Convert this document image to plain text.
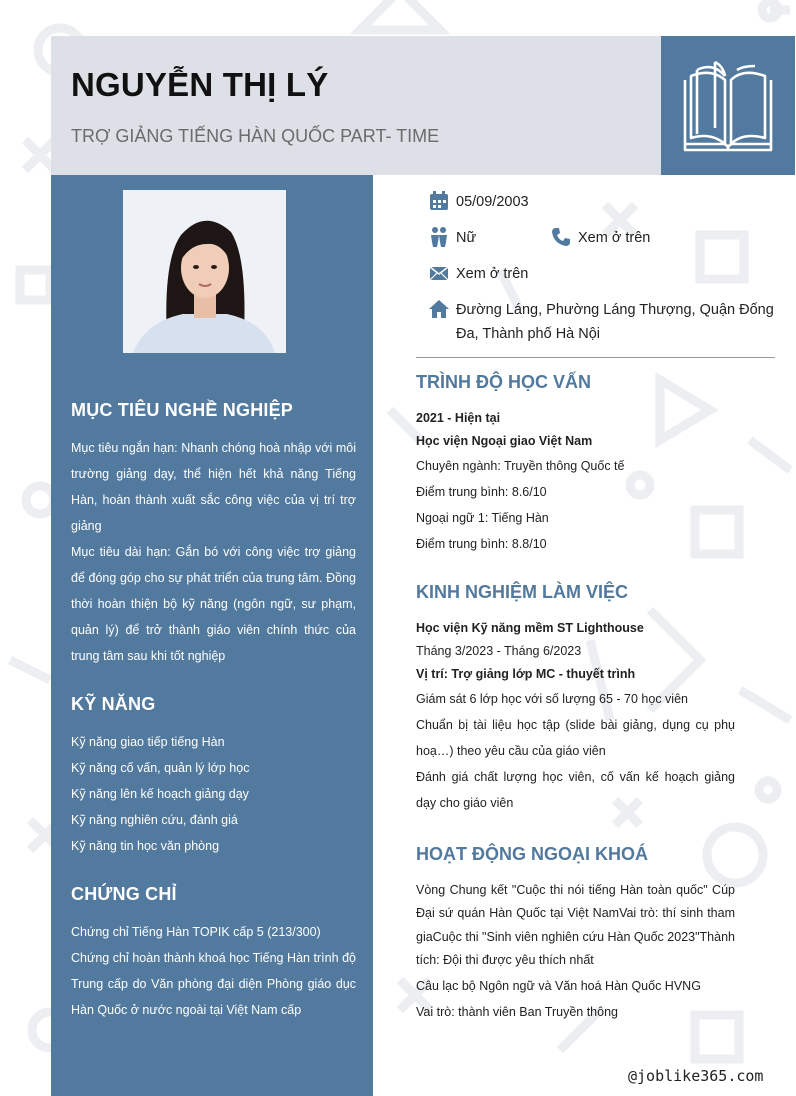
NGUYỄN THỊ LÝ
TRỢ GIẢNG TIẾNG HÀN QUỐC PART- TIME
MỤC TIÊU NGHỀ NGHIỆP

Mục tiêu ngắn hạn: Nhanh chóng hoà nhập với môi trường giảng dạy, thể hiện hết khả năng Tiếng Hàn, hoàn thành xuất sắc công việc của vị trí trợ giảng

Mục tiêu dài hạn: Gắn bó với công việc trợ giảng để đóng góp cho sự phát triển của trung tâm. Đồng thời hoàn thiện bộ kỹ năng (ngôn ngữ, sư phạm, quản lý) để trở thành giáo viên chính thức của trung tâm sau khi tốt nghiệp

KỸ NĂNG
Kỹ năng giao tiếp tiếng Hàn
Kỹ năng cố vấn, quản lý lớp học
Kỹ năng lên kế hoạch giảng dạy
Kỹ năng nghiên cứu, đánh giá
Kỹ năng tin học văn phòng
CHỨNG CHỈ

Chứng chỉ Tiếng Hàn TOPIK cấp 5 (213/300)

Chứng chỉ hoàn thành khoá học Tiếng Hàn trình độ Trung cấp do Văn phòng đại diện Phòng giáo dục Hàn Quốc ở nước ngoài tại Việt Nam cấp

05/09/2003
Nữ	Xem ở trên
Xem ở trên
Đường Láng, Phường Láng Thượng, Quận Đống Đa, Thành phố Hà Nội
TRÌNH ĐỘ HỌC VẤN
2021 - Hiện tại
Học viện Ngoại giao Việt Nam
Chuyên ngành: Truyền thông Quốc tế
Điểm trung bình: 8.6/10
Ngoại ngữ 1: Tiếng Hàn
Điểm trung bình: 8.8/10
KINH NGHIỆM LÀM VIỆC
Học viện Kỹ năng mềm ST Lighthouse
Tháng 3/2023 - Tháng 6/2023
Vị trí: Trợ giảng lớp MC - thuyết trình

Giám sát 6 lớp học với số lượng 65 - 70 học viên

Chuẩn bị tài liệu học tập (slide bài giảng, dụng cụ phụ hoạ…) theo yêu cầu của giáo viên

Đánh giá chất lượng học viên, cố vấn kế hoạch giảng dạy cho giáo viên

HOẠT ĐỘNG NGOẠI KHOÁ

Vòng Chung kết "Cuộc thi nói tiếng Hàn toàn quốc" Cúp Đại sứ quán Hàn Quốc tại Việt NamVai trò: thí sinh tham giaCuộc thi "Sinh viên nghiên cứu Hàn Quốc 2023"Thành tích: Đội thi được yêu thích nhất

Câu lạc bộ Ngôn ngữ và Văn hoá Hàn Quốc HVNG

Vai trò: thành viên Ban Truyền thông

@joblike365.com
